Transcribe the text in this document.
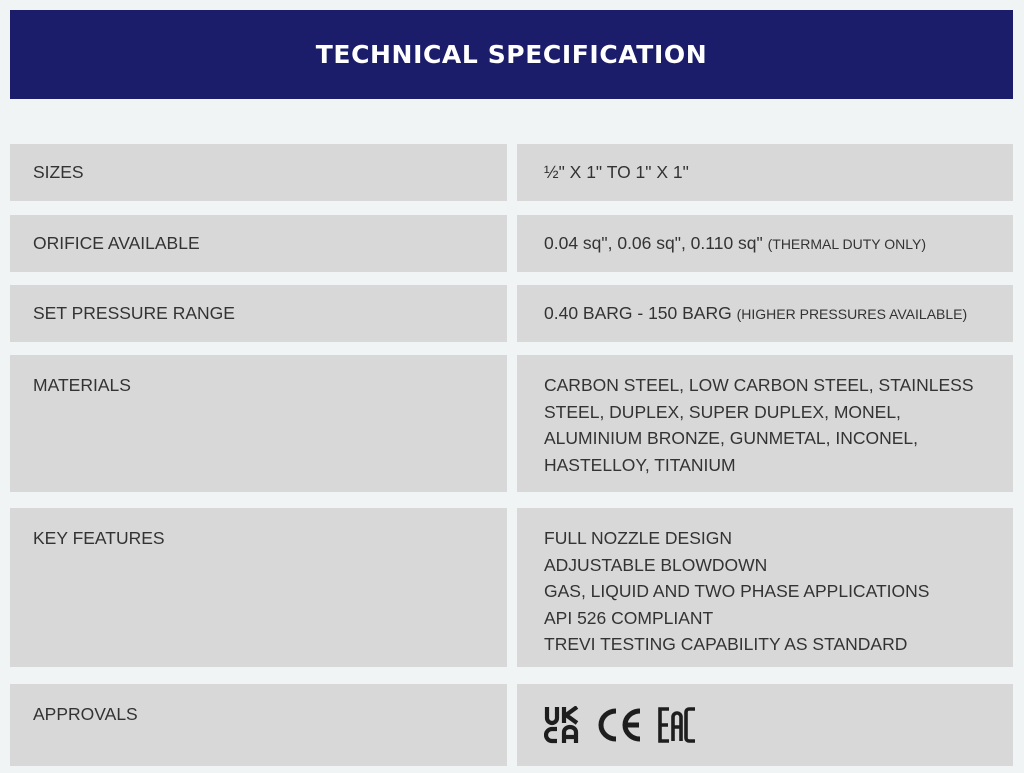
TECHNICAL SPECIFICATION
SIZES	½" X 1" TO 1" X 1"
ORIFICE AVAILABLE	0.04 sq", 0.06 sq", 0.110 sq" (THERMAL DUTY ONLY)
SET PRESSURE RANGE	0.40 BARG - 150 BARG (HIGHER PRESSURES AVAILABLE)
MATERIALS	CARBON STEEL, LOW CARBON STEEL, STAINLESS
STEEL, DUPLEX, SUPER DUPLEX, MONEL,
ALUMINIUM BRONZE, GUNMETAL, INCONEL,
HASTELLOY, TITANIUM
KEY FEATURES	FULL NOZZLE DESIGN
ADJUSTABLE BLOWDOWN
GAS, LIQUID AND TWO PHASE APPLICATIONS
API 526 COMPLIANT
TREVI TESTING CAPABILITY AS STANDARD
APPROVALS
